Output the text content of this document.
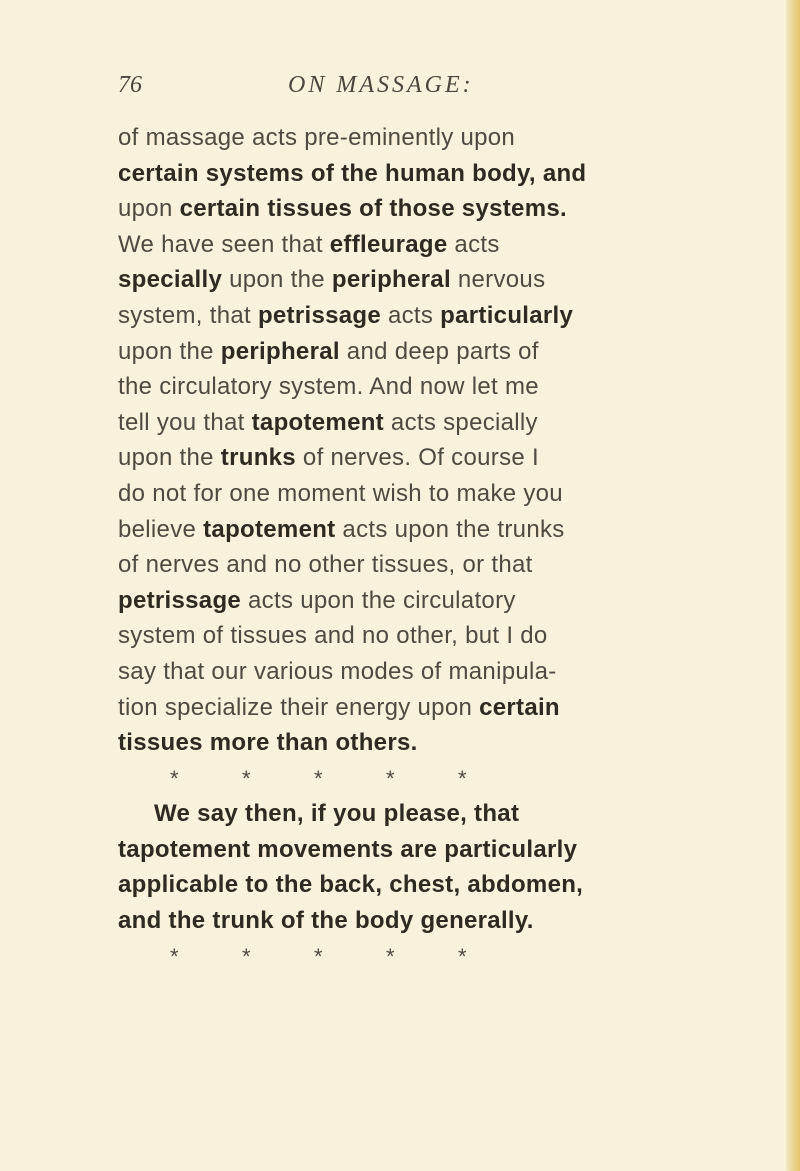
76	ON MASSAGE:
of massage acts pre-eminently upon
certain systems of the human body, and
upon certain tissues of those systems.
We have seen that effleurage acts
specially upon the peripheral nervous
system, that petrissage acts particularly
upon the peripheral and deep parts of
the circulatory system. And now let me
tell you that tapotement acts specially
upon the trunks of nerves. Of course I
do not for one moment wish to make you
believe tapotement acts upon the trunks
of nerves and no other tissues, or that
petrissage acts upon the circulatory
system of tissues and no other, but I do
say that our various modes of manipula-
tion specialize their energy upon certain
tissues more than others.
*	*	*	*	*
We say then, if you please, that
tapotement movements are particularly
applicable to the back, chest, abdomen,
and the trunk of the body generally.
*	*	*	*	*
